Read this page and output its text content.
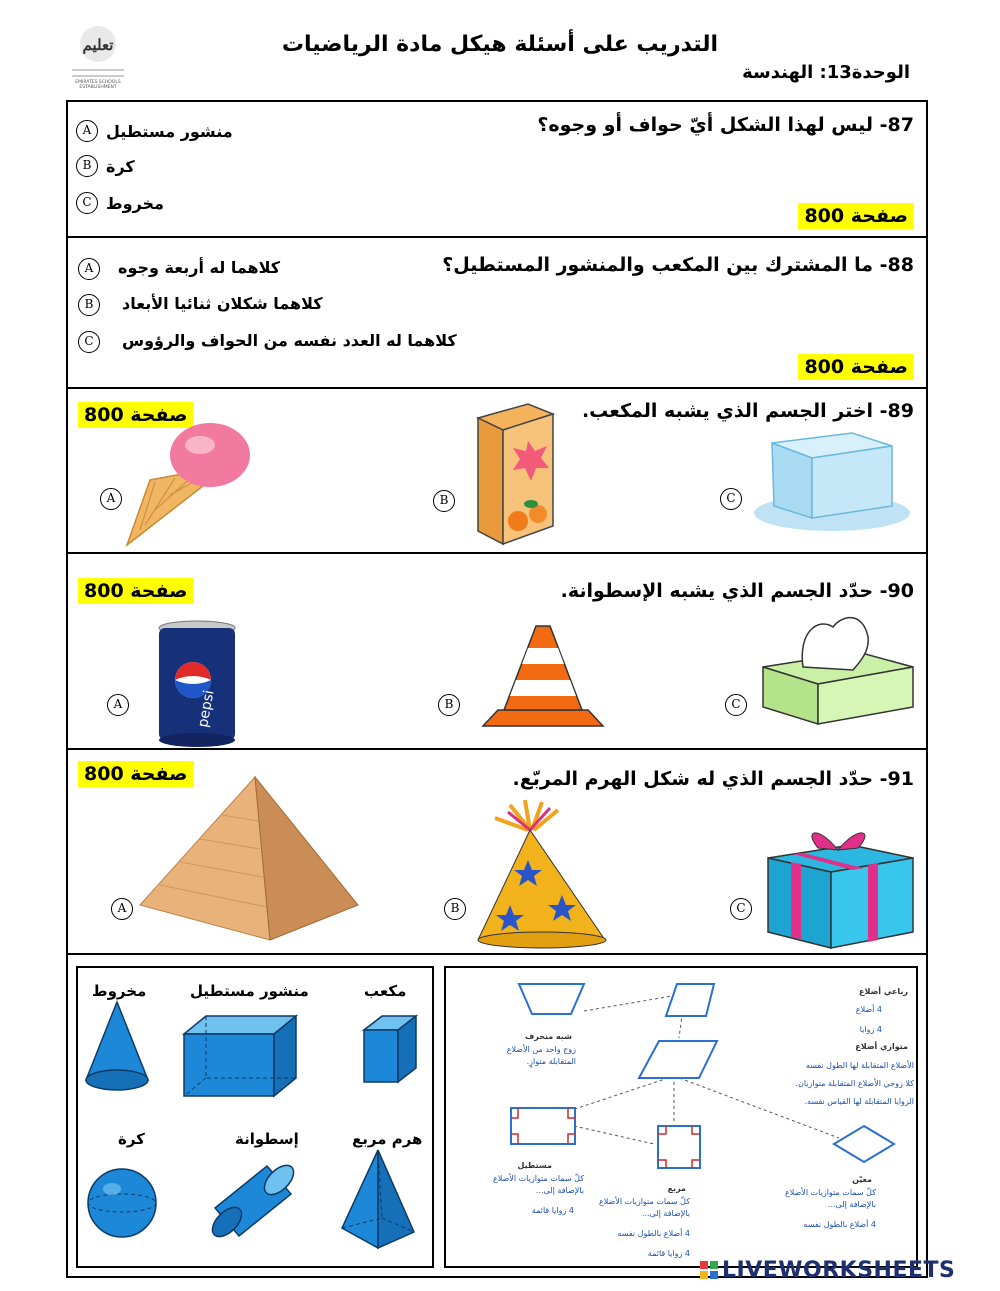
تعليم
EMIRATES SCHOOLS ESTABLISHMENT
التدريب على أسئلة هيكل مادة الرياضيات
الوحدة13: الهندسة
87- ليس لهذا الشكل أيّ حواف أو وجوه؟
A منشور مستطيل
B كرة
C مخروط
صفحة 800
88- ما المشترك بين المكعب والمنشور المستطيل؟
A	كلاهما له أربعة وجوه
B	كلاهما شكلان ثنائيا الأبعاد
C	كلاهما له العدد نفسه من الحواف والرؤوس
صفحة 800
89- اختر الجسم الذي يشبه المكعب.
صفحة 800
A	B	C
90- حدّد الجسم الذي يشبه الإسطوانة.
صفحة 800
A	pepsi	B	C
91- حدّد الجسم الذي له شكل الهرم المربّع.
صفحة 800
A	B	C
مكعب
منشور مستطيل
مخروط
هرم مربع
إسطوانة
كرة
رباعي أضلاع
4 أضلاع
4 زوايا
متوازي أضلاع
الأضلاع المتقابلة لها الطول نفسه
كلا زوجي الأضلاع المتقابلة متوازيان.
الزوايا المتقابلة لها القياس نفسه.
شبه منحرف
زوج واحد من الأضلاع
المتقابلة متوازٍ.
مستطيل
كلّ سمات متوازيات الأضلاع
بالإضافة إلى...
4 زوايا قائمة
مربع
كلّ سمات متوازيات الأضلاع
بالإضافة إلى...
4 أضلاع بالطول نفسه
4 زوايا قائمة
معيّن
كلّ سمات متوازيات الأضلاع
بالإضافة إلى...
4 أضلاع بالطول نفسه
LIVEWORKSHEETS
